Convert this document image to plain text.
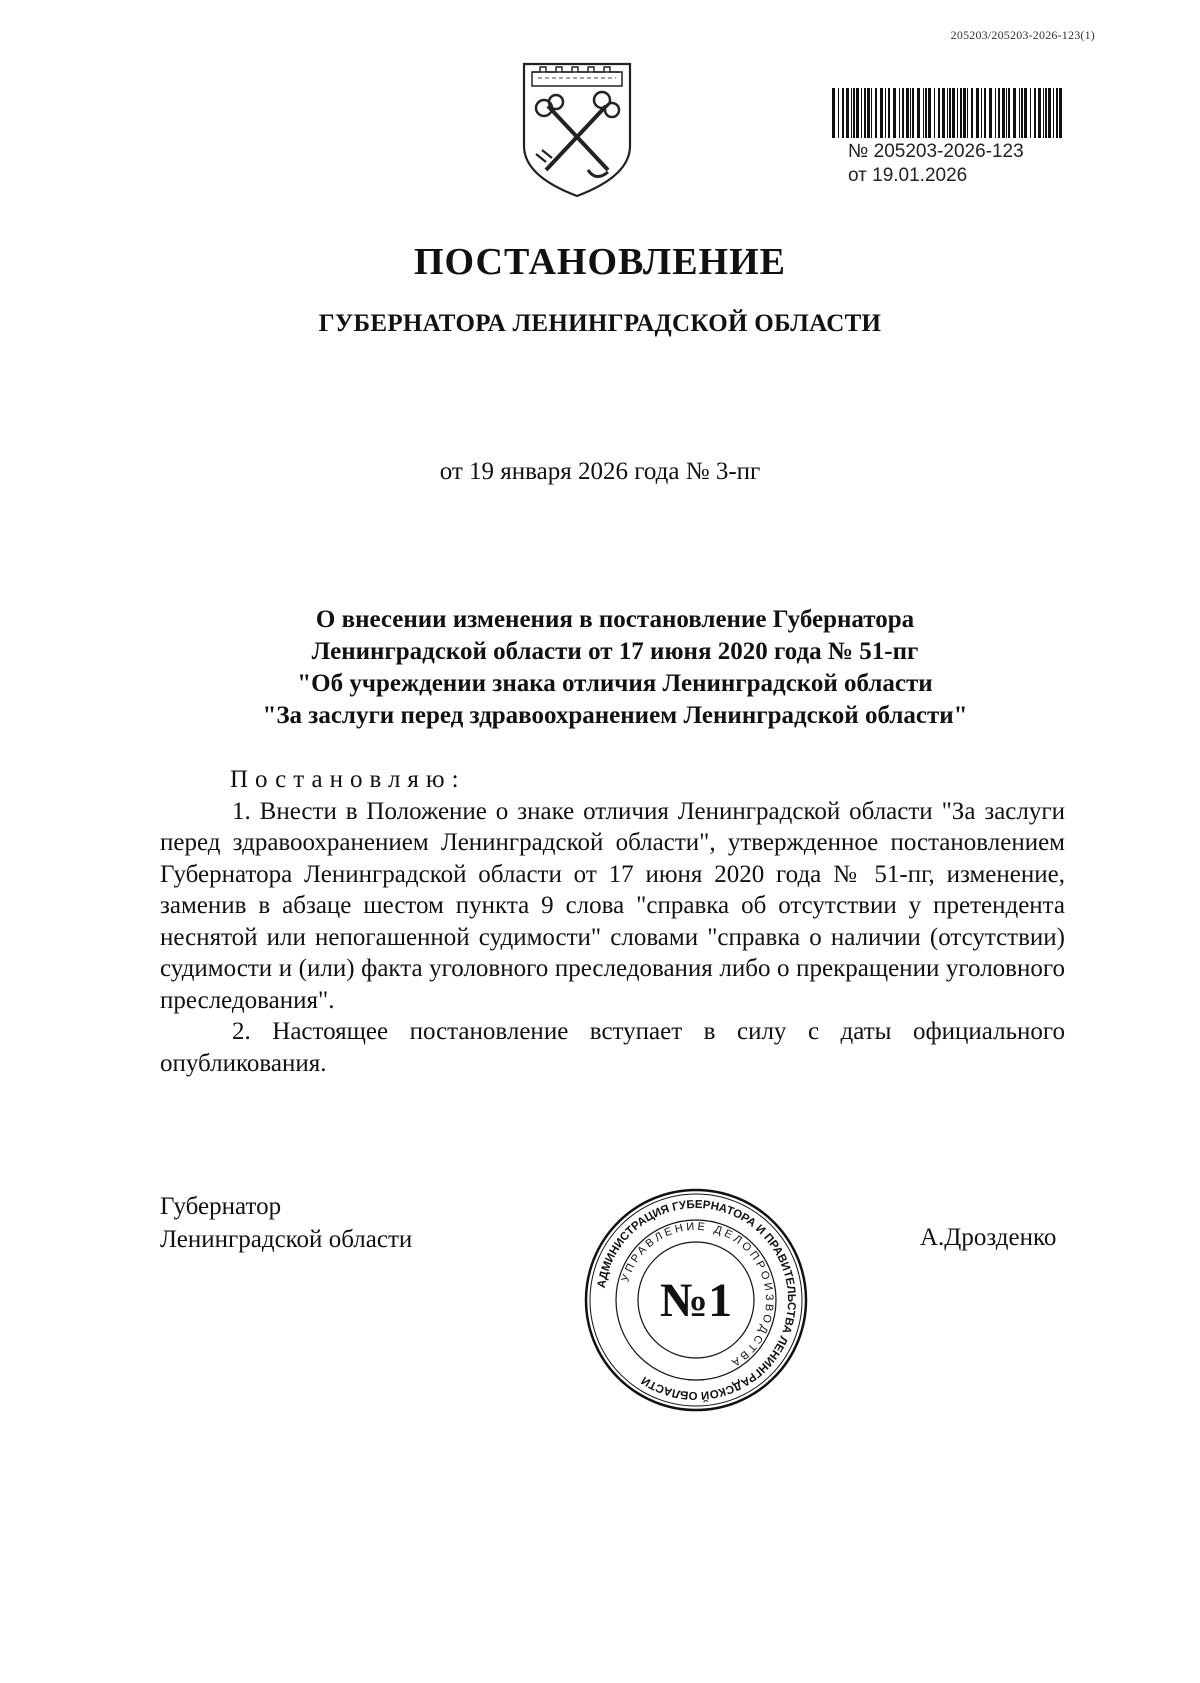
205203/205203-2026-123(1)
№ 205203-2026-123
от 19.01.2026
ПОСТАНОВЛЕНИЕ
ГУБЕРНАТОРА ЛЕНИНГРАДСКОЙ ОБЛАСТИ
от 19 января 2026 года № 3-пг
О внесении изменения в постановление Губернатора
Ленинградской области от 17 июня 2020 года № 51-пг
"Об учреждении знака отличия Ленинградской области
"За заслуги перед здравоохранением Ленинградской области"
Постановляю:
1. Внести в Положение о знаке отличия Ленинградской области "За заслуги перед здравоохранением Ленинградской области", утвержденное постановлением Губернатора Ленинградской области от 17 июня 2020 года № 51-пг, изменение, заменив в абзаце шестом пункта 9 слова "справка об отсутствии у претендента неснятой или непогашенной судимости" словами "справка о наличии (отсутствии) судимости и (или) факта уголовного преследования либо о прекращении уголовного преследования".
2. Настоящее постановление вступает в силу с даты официального опубликования.
Губернатор
Ленинградской области	А.Дрозденко
АДМИНИСТРАЦИЯ ГУБЕРНАТОРА И ПРАВИТЕЛЬСТВА ЛЕНИНГРАДСКОЙ ОБЛАСТИ
УПРАВЛЕНИЕ ДЕЛОПРОИЗВОДСТВА
№1
